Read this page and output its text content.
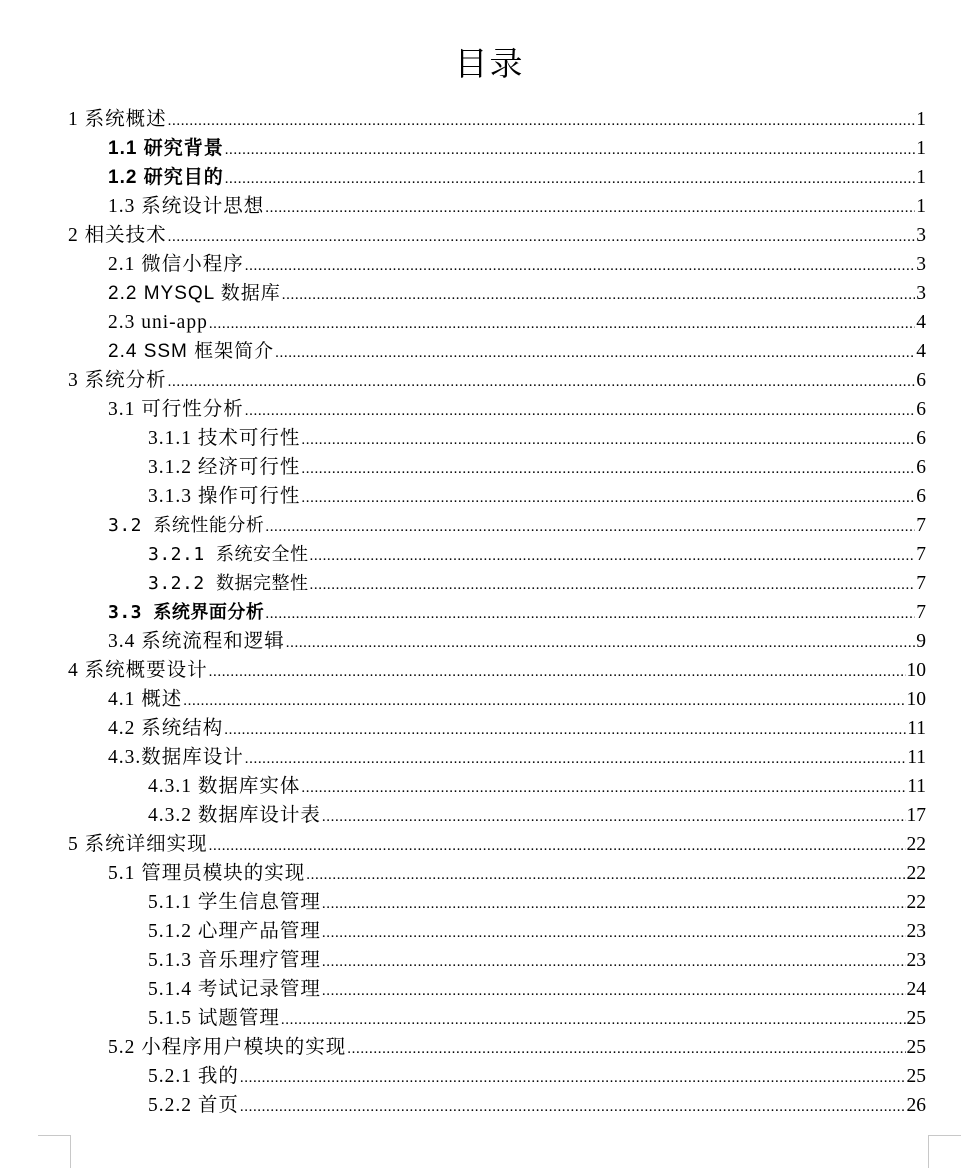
目录
1 系统概述 .....	1
1.1 研究背景 .....	1
1.2 研究目的 .....	1
1.3 系统设计思想 .....	1
2 相关技术 .....	3
2.1 微信小程序 .....	3
2.2 MYSQL 数据库 .....	3
2.3 uni-app .....	4
2.4 SSM 框架简介 .....	4
3 系统分析 .....	6
3.1 可行性分析 .....	6
3.1.1 技术可行性 .....	6
3.1.2 经济可行性 .....	6
3.1.3 操作可行性 .....	6
3.2 系统性能分析 .....	7
3.2.1 系统安全性 .....	7
3.2.2 数据完整性 .....	7
3.3 系统界面分析 .....	7
3.4 系统流程和逻辑 .....	9
4 系统概要设计 .....	10
4.1 概述 .....	10
4.2 系统结构 .....	11
4.3.数据库设计 .....	11
4.3.1 数据库实体 .....	11
4.3.2 数据库设计表 .....	17
5 系统详细实现 .....	22
5.1 管理员模块的实现 .....	22
5.1.1 学生信息管理 .....	22
5.1.2 心理产品管理 .....	23
5.1.3 音乐理疗管理 .....	23
5.1.4 考试记录管理 .....	24
5.1.5 试题管理 .....	25
5.2 小程序用户模块的实现 .....	25
5.2.1 我的 .....	25
5.2.2 首页 .....	26
